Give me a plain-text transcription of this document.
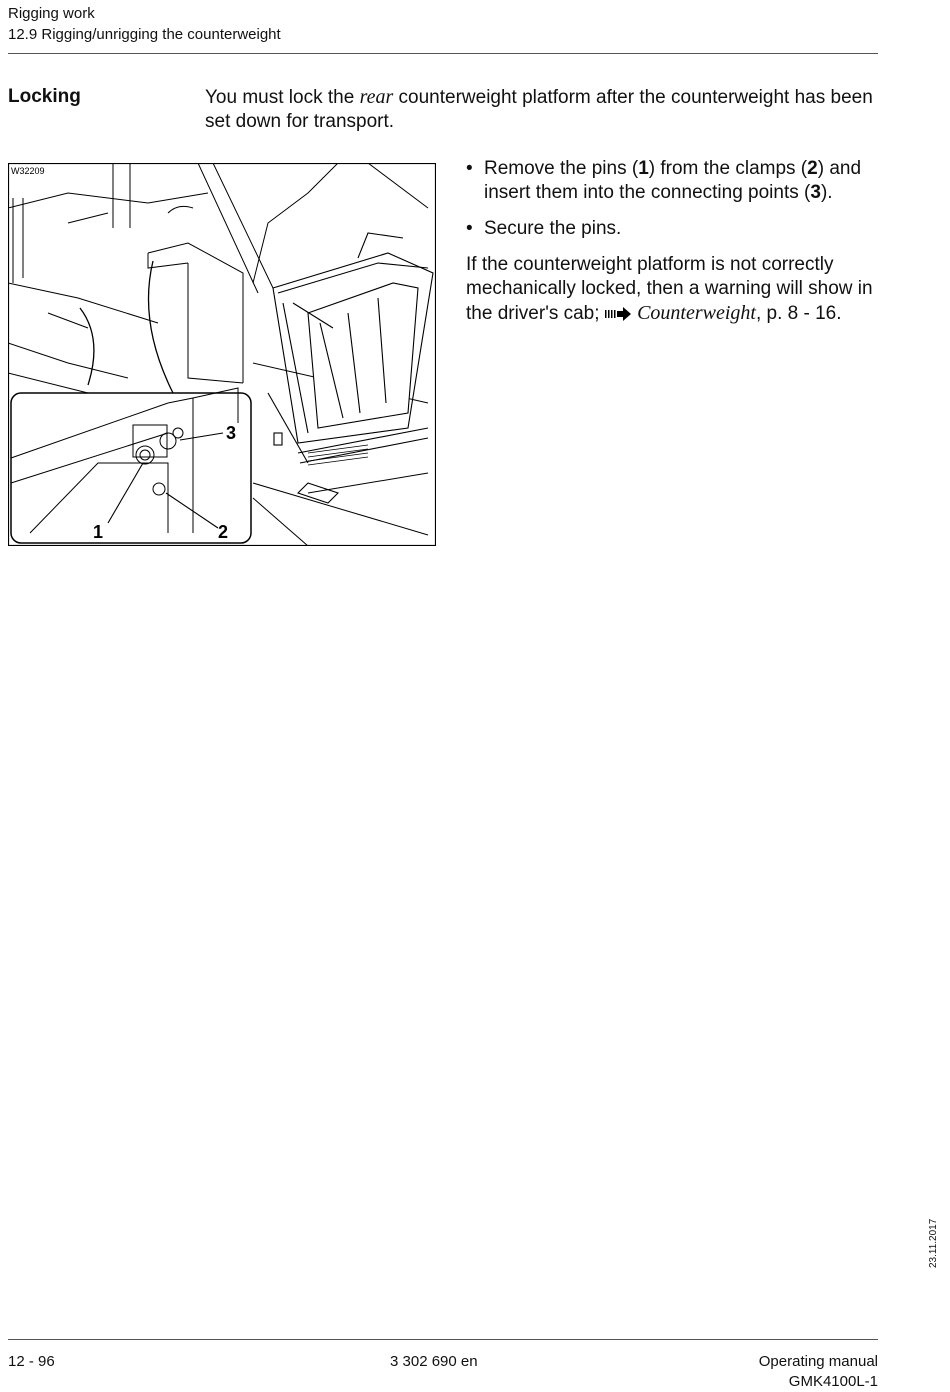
Rigging work
12.9 Rigging/unrigging the counterweight
Locking	You must lock the rear counterweight platform after the counterweight has been set down for transport.
W32209
1	2
3
• Remove the pins (1) from the clamps (2) and insert them into the connecting points (3).
• Secure the pins.
If the counterweight platform is not correctly mechanically locked, then a warning will show in the driver's cab;  Counterweight, p. 8 - 16.
23.11.2017
12 - 96	3 302 690 en	Operating manual
GMK4100L-1
